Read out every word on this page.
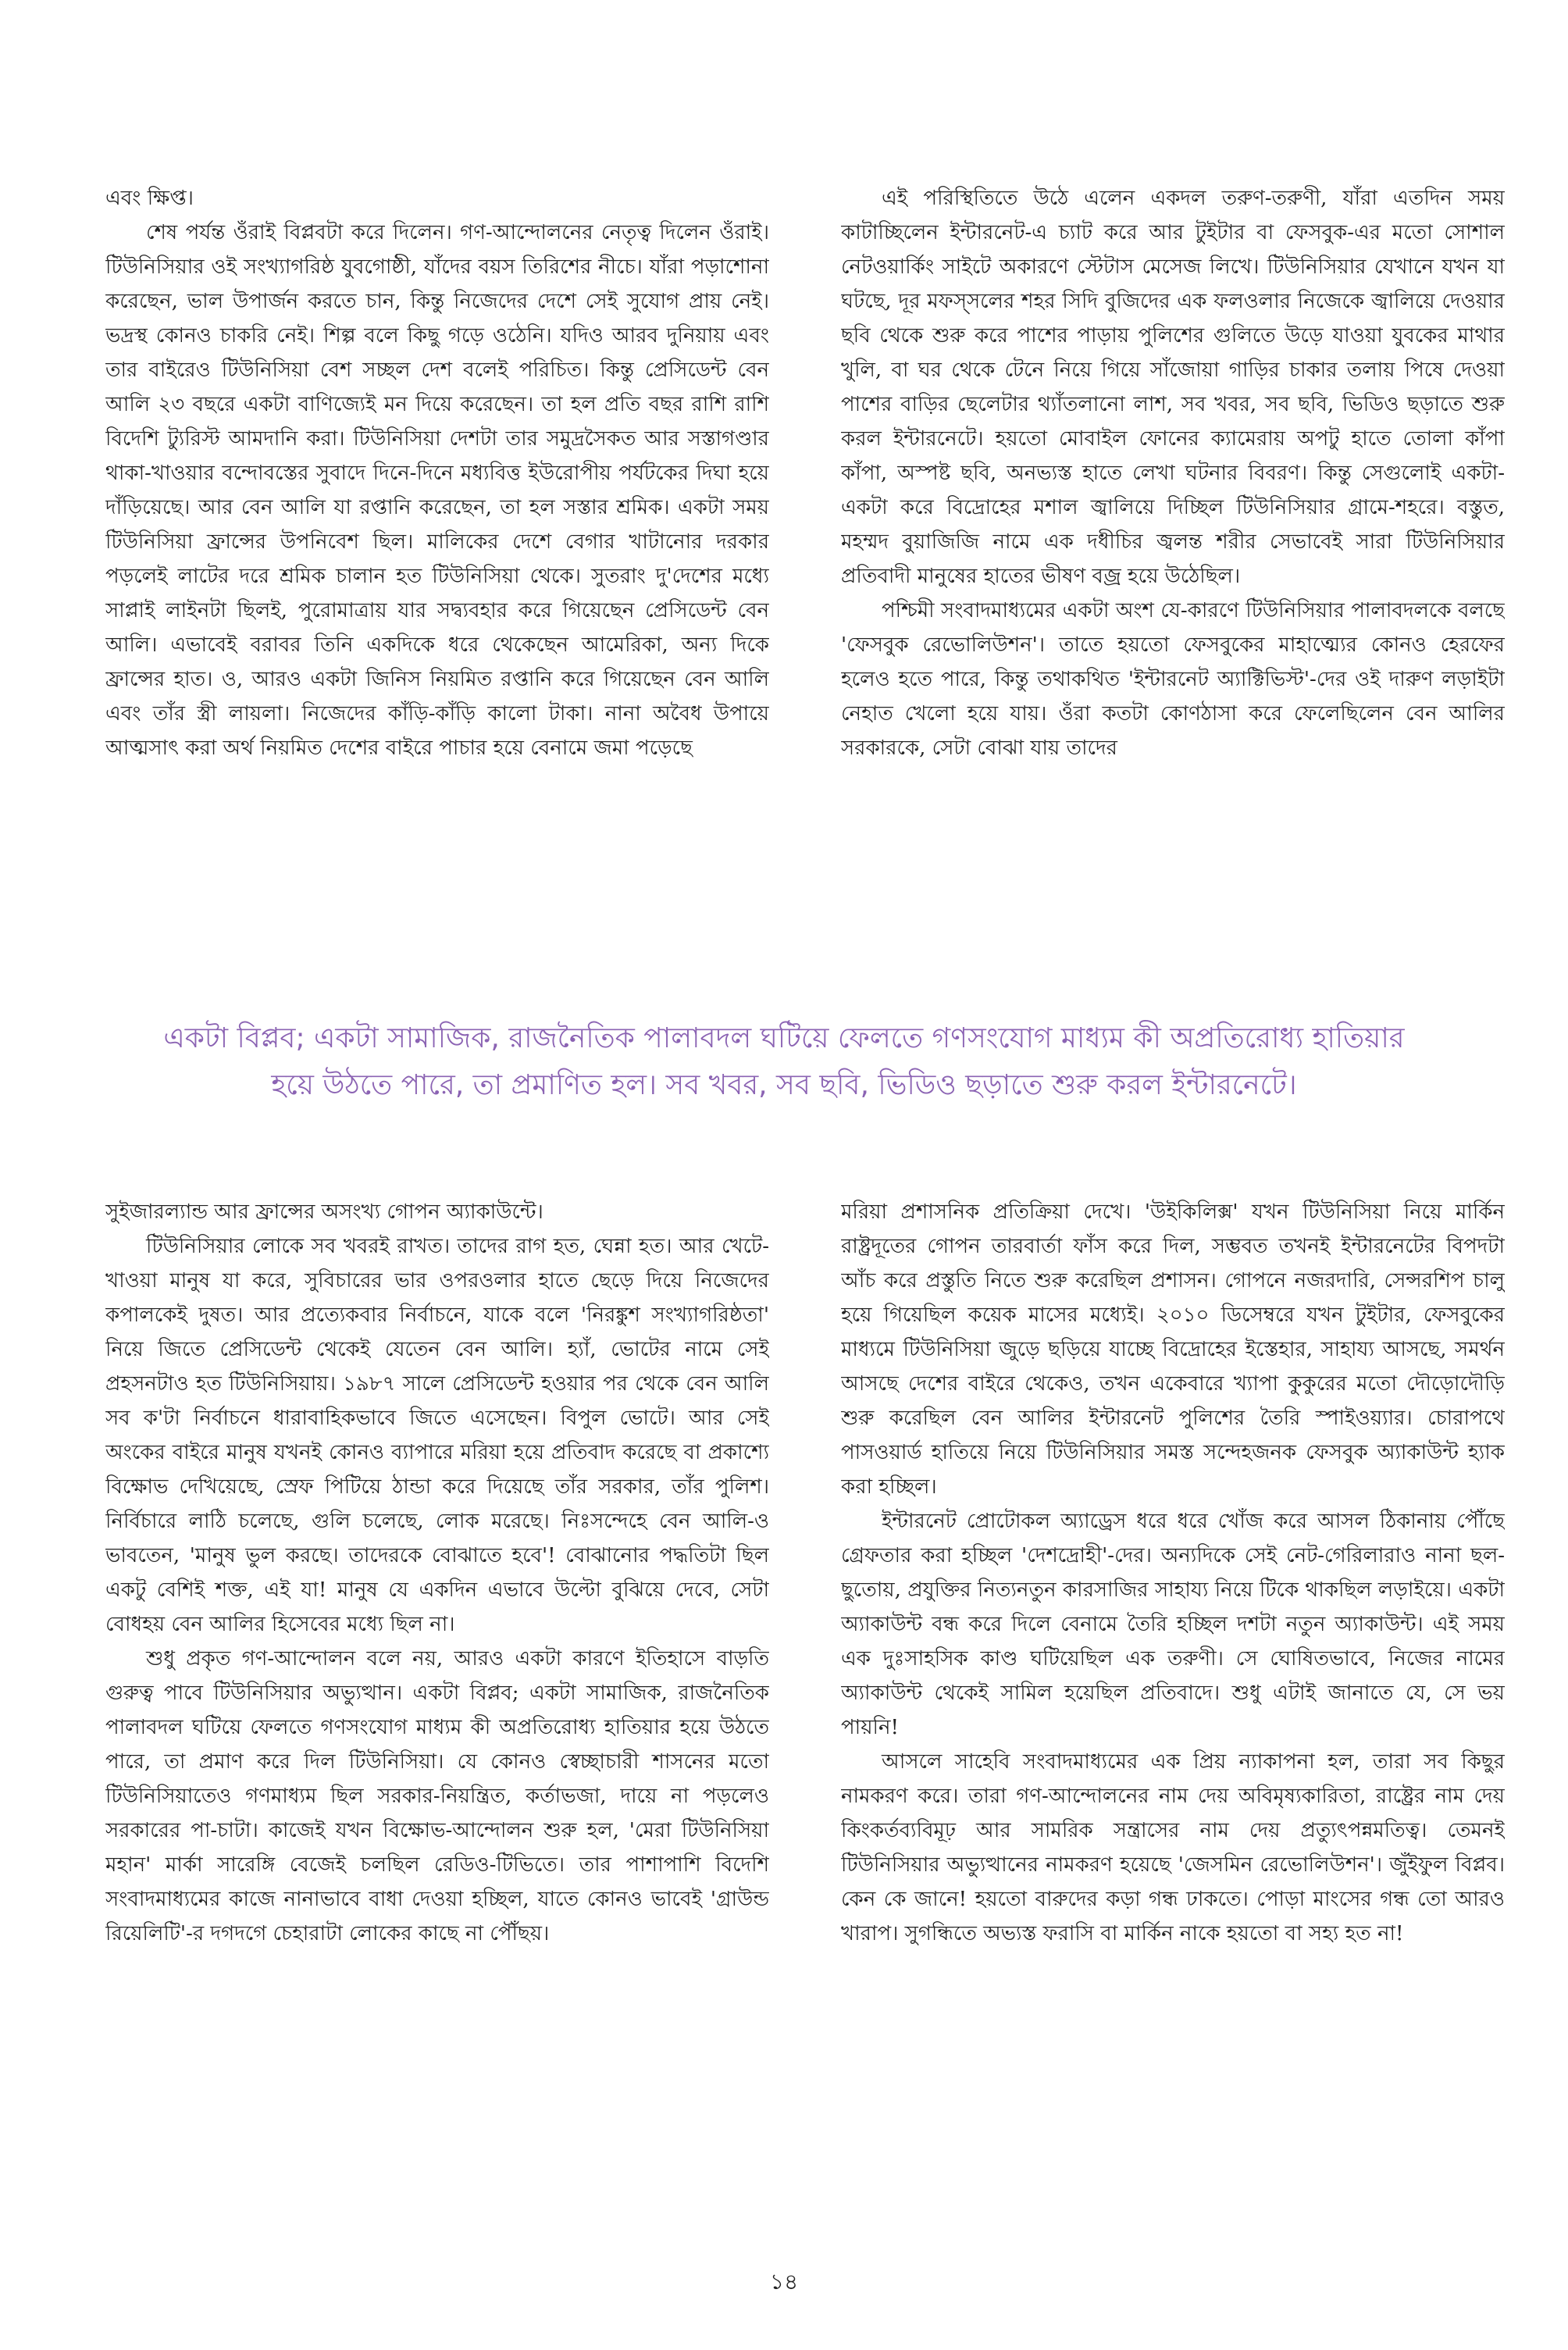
এবং ক্ষিপ্ত।

শেষ পর্যন্ত ওঁরাই বিপ্লবটা করে দিলেন। গণ-আন্দোলনের নেতৃত্ব দিলেন ওঁরাই। টিউনিসিয়ার ওই সংখ্যাগরিষ্ঠ যুবগোষ্ঠী, যাঁদের বয়স তিরিশের নীচে। যাঁরা পড়াশোনা করেছেন, ভাল উপার্জন করতে চান, কিন্তু নিজেদের দেশে সেই সুযোগ প্রায় নেই। ভদ্রস্থ কোনও চাকরি নেই। শিল্প বলে কিছু গড়ে ওঠেনি। যদিও আরব দুনিয়ায় এবং তার বাইরেও টিউনিসিয়া বেশ সচ্ছল দেশ বলেই পরিচিত। কিন্তু প্রেসিডেন্ট বেন আলি ২৩ বছরে একটা বাণিজ্যেই মন দিয়ে করেছেন। তা হল প্রতি বছর রাশি রাশি বিদেশি ট্যুরিস্ট আমদানি করা। টিউনিসিয়া দেশটা তার সমুদ্রসৈকত আর সস্তাগণ্ডার থাকা-খাওয়ার বন্দোবস্তের সুবাদে দিনে-দিনে মধ্যবিত্ত ইউরোপীয় পর্যটকের দিঘা হয়ে দাঁড়িয়েছে। আর বেন আলি যা রপ্তানি করেছেন, তা হল সস্তার শ্রমিক। একটা সময় টিউনিসিয়া ফ্রান্সের উপনিবেশ ছিল। মালিকের দেশে বেগার খাটানোর দরকার পড়লেই লাটের দরে শ্রমিক চালান হত টিউনিসিয়া থেকে। সুতরাং দু'দেশের মধ্যে সাপ্লাই লাইনটা ছিলই, পুরোমাত্রায় যার সদ্ব্যবহার করে গিয়েছেন প্রেসিডেন্ট বেন আলি। এভাবেই বরাবর তিনি একদিকে ধরে থেকেছেন আমেরিকা, অন্য দিকে ফ্রান্সের হাত। ও, আরও একটা জিনিস নিয়মিত রপ্তানি করে গিয়েছেন বেন আলি এবং তাঁর স্ত্রী লায়লা। নিজেদের কাঁড়ি-কাঁড়ি কালো টাকা। নানা অবৈধ উপায়ে আত্মসাৎ করা অর্থ নিয়মিত দেশের বাইরে পাচার হয়ে বেনামে জমা পড়েছে

এই পরিস্থিতিতে উঠে এলেন একদল তরুণ-তরুণী, যাঁরা এতদিন সময় কাটাচ্ছিলেন ইন্টারনেট-এ চ্যাট করে আর টুইটার বা ফেসবুক-এর মতো সোশাল নেটওয়ার্কিং সাইটে অকারণে স্টেটাস মেসেজ লিখে। টিউনিসিয়ার যেখানে যখন যা ঘটছে, দূর মফস্সলের শহর সিদি বুজিদের এক ফলওলার নিজেকে জ্বালিয়ে দেওয়ার ছবি থেকে শুরু করে পাশের পাড়ায় পুলিশের গুলিতে উড়ে যাওয়া যুবকের মাথার খুলি, বা ঘর থেকে টেনে নিয়ে গিয়ে সাঁজোয়া গাড়ির চাকার তলায় পিষে দেওয়া পাশের বাড়ির ছেলেটার থ্যাঁতলানো লাশ, সব খবর, সব ছবি, ভিডিও ছড়াতে শুরু করল ইন্টারনেটে। হয়তো মোবাইল ফোনের ক্যামেরায় অপটু হাতে তোলা কাঁপা কাঁপা, অস্পষ্ট ছবি, অনভ্যস্ত হাতে লেখা ঘটনার বিবরণ। কিন্তু সেগুলোই একটা-একটা করে বিদ্রোহের মশাল জ্বালিয়ে দিচ্ছিল টিউনিসিয়ার গ্রামে-শহরে। বস্তুত, মহম্মদ বুয়াজিজি নামে এক দধীচির জ্বলন্ত শরীর সেভাবেই সারা টিউনিসিয়ার প্রতিবাদী মানুষের হাতের ভীষণ বজ্র হয়ে উঠেছিল।

পশ্চিমী সংবাদমাধ্যমের একটা অংশ যে-কারণে টিউনিসিয়ার পালাবদলকে বলছে 'ফেসবুক রেভোলিউশন'। তাতে হয়তো ফেসবুকের মাহাত্ম্যের কোনও হেরফের হলেও হতে পারে, কিন্তু তথাকথিত 'ইন্টারনেট অ্যাক্টিভিস্ট'-দের ওই দারুণ লড়াইটা নেহাত খেলো হয়ে যায়। ওঁরা কতটা কোণঠাসা করে ফেলেছিলেন বেন আলির সরকারকে, সেটা বোঝা যায় তাদের

একটা বিপ্লব; একটা সামাজিক, রাজনৈতিক পালাবদল ঘটিয়ে ফেলতে গণসংযোগ মাধ্যম কী অপ্রতিরোধ্য হাতিয়ার হয়ে উঠতে পারে, তা প্রমাণিত হল। সব খবর, সব ছবি, ভিডিও ছড়াতে শুরু করল ইন্টারনেটে।

সুইজারল্যান্ড আর ফ্রান্সের অসংখ্য গোপন অ্যাকাউন্টে।

টিউনিসিয়ার লোকে সব খবরই রাখত। তাদের রাগ হত, ঘেন্না হত। আর খেটে-খাওয়া মানুষ যা করে, সুবিচারের ভার ওপরওলার হাতে ছেড়ে দিয়ে নিজেদের কপালকেই দুষত। আর প্রত্যেকবার নির্বাচনে, যাকে বলে 'নিরঙ্কুশ সংখ্যাগরিষ্ঠতা' নিয়ে জিতে প্রেসিডেন্ট থেকেই যেতেন বেন আলি। হ্যাঁ, ভোটের নামে সেই প্রহসনটাও হত টিউনিসিয়ায়। ১৯৮৭ সালে প্রেসিডেন্ট হওয়ার পর থেকে বেন আলি সব ক'টা নির্বাচনে ধারাবাহিকভাবে জিতে এসেছেন। বিপুল ভোটে। আর সেই অংকের বাইরে মানুষ যখনই কোনও ব্যাপারে মরিয়া হয়ে প্রতিবাদ করেছে বা প্রকাশ্যে বিক্ষোভ দেখিয়েছে, স্রেফ পিটিয়ে ঠান্ডা করে দিয়েছে তাঁর সরকার, তাঁর পুলিশ। নির্বিচারে লাঠি চলেছে, গুলি চলেছে, লোক মরেছে। নিঃসন্দেহে বেন আলি-ও ভাবতেন, 'মানুষ ভুল করছে। তাদেরকে বোঝাতে হবে'! বোঝানোর পদ্ধতিটা ছিল একটু বেশিই শক্ত, এই যা! মানুষ যে একদিন এভাবে উল্টো বুঝিয়ে দেবে, সেটা বোধহয় বেন আলির হিসেবের মধ্যে ছিল না।

শুধু প্রকৃত গণ-আন্দোলন বলে নয়, আরও একটা কারণে ইতিহাসে বাড়তি গুরুত্ব পাবে টিউনিসিয়ার অভ্যুত্থান। একটা বিপ্লব; একটা সামাজিক, রাজনৈতিক পালাবদল ঘটিয়ে ফেলতে গণসংযোগ মাধ্যম কী অপ্রতিরোধ্য হাতিয়ার হয়ে উঠতে পারে, তা প্রমাণ করে দিল টিউনিসিয়া। যে কোনও স্বেচ্ছাচারী শাসনের মতো টিউনিসিয়াতেও গণমাধ্যম ছিল সরকার-নিয়ন্ত্রিত, কর্তাভজা, দায়ে না পড়লেও সরকারের পা-চাটা। কাজেই যখন বিক্ষোভ-আন্দোলন শুরু হল, 'মেরা টিউনিসিয়া মহান' মার্কা সারেঙ্গি বেজেই চলছিল রেডিও-টিভিতে। তার পাশাপাশি বিদেশি সংবাদমাধ্যমের কাজে নানাভাবে বাধা দেওয়া হচ্ছিল, যাতে কোনও ভাবেই 'গ্রাউন্ড রিয়েলিটি'-র দগদগে চেহারাটা লোকের কাছে না পৌঁছয়।

মরিয়া প্রশাসনিক প্রতিক্রিয়া দেখে। 'উইকিলিক্স' যখন টিউনিসিয়া নিয়ে মার্কিন রাষ্ট্রদূতের গোপন তারবার্তা ফাঁস করে দিল, সম্ভবত তখনই ইন্টারনেটের বিপদটা আঁচ করে প্রস্তুতি নিতে শুরু করেছিল প্রশাসন। গোপনে নজরদারি, সেন্সরশিপ চালু হয়ে গিয়েছিল কয়েক মাসের মধ্যেই। ২০১০ ডিসেম্বরে যখন টুইটার, ফেসবুকের মাধ্যমে টিউনিসিয়া জুড়ে ছড়িয়ে যাচ্ছে বিদ্রোহের ইস্তেহার, সাহায্য আসছে, সমর্থন আসছে দেশের বাইরে থেকেও, তখন একেবারে খ্যাপা কুকুরের মতো দৌড়োদৌড়ি শুরু করেছিল বেন আলির ইন্টারনেট পুলিশের তৈরি স্পাইওয়্যার। চোরাপথে পাসওয়ার্ড হাতিয়ে নিয়ে টিউনিসিয়ার সমস্ত সন্দেহজনক ফেসবুক অ্যাকাউন্ট হ্যাক করা হচ্ছিল।

ইন্টারনেট প্রোটোকল অ্যাড্রেস ধরে ধরে খোঁজ করে আসল ঠিকানায় পৌঁছে গ্রেফতার করা হচ্ছিল 'দেশদ্রোহী'-দের। অন্যদিকে সেই নেট-গেরিলারাও নানা ছল-ছুতোয়, প্রযুক্তির নিত্যনতুন কারসাজির সাহায্য নিয়ে টিকে থাকছিল লড়াইয়ে। একটা অ্যাকাউন্ট বন্ধ করে দিলে বেনামে তৈরি হচ্ছিল দশটা নতুন অ্যাকাউন্ট। এই সময় এক দুঃসাহসিক কাণ্ড ঘটিয়েছিল এক তরুণী। সে ঘোষিতভাবে, নিজের নামের অ্যাকাউন্ট থেকেই সামিল হয়েছিল প্রতিবাদে। শুধু এটাই জানাতে যে, সে ভয় পায়নি!

আসলে সাহেবি সংবাদমাধ্যমের এক প্রিয় ন্যাকাপনা হল, তারা সব কিছুর নামকরণ করে। তারা গণ-আন্দোলনের নাম দেয় অবিমৃষ্যকারিতা, রাষ্ট্রের নাম দেয় কিংকর্তব্যবিমূঢ় আর সামরিক সন্ত্রাসের নাম দেয় প্রত্যুৎপন্নমতিত্ব। তেমনই টিউনিসিয়ার অভ্যুত্থানের নামকরণ হয়েছে 'জেসমিন রেভোলিউশন'। জুঁইফুল বিপ্লব। কেন কে জানে! হয়তো বারুদের কড়া গন্ধ ঢাকতে। পোড়া মাংসের গন্ধ তো আরও খারাপ। সুগন্ধিতে অভ্যস্ত ফরাসি বা মার্কিন নাকে হয়তো বা সহ্য হত না!

১৪
